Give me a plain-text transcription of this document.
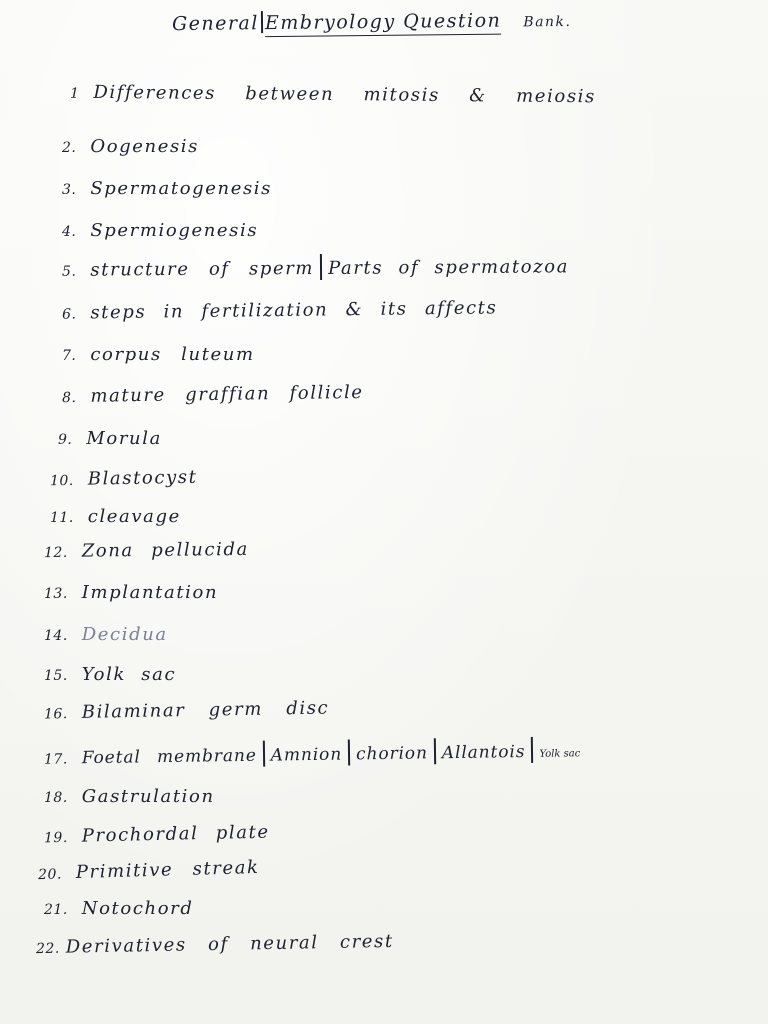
General Embryology Question Bank.
1 Differences between mitosis & meiosis
2. Oogenesis
3. Spermatogenesis
4. Spermiogenesis
5. structure of sperm Parts of spermatozoa
6. steps in fertilization & its affects
7. corpus luteum
8. mature graffian follicle
9. Morula
10. Blastocyst
11. cleavage
12. Zona pellucida
13. Implantation
14. Decidua
15. Yolk sac
16. Bilaminar germ disc
17. Foetal membrane Amnion chorion Allantois Yolk sac
18. Gastrulation
19. Prochordal plate
20. Primitive streak
21. Notochord
22. Derivatives of neural crest
